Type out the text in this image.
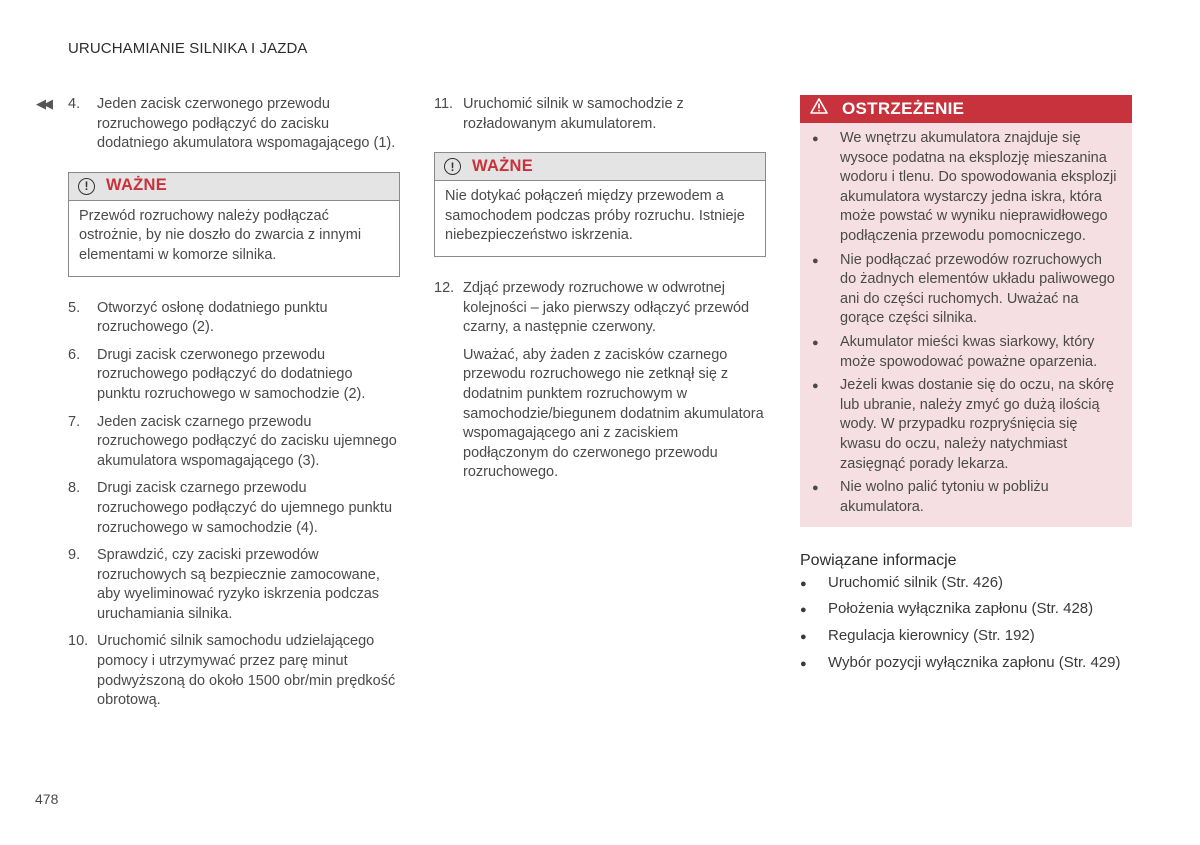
URUCHAMIANIE SILNIKA I JAZDA
◀◀ 4.	Jeden zacisk czerwonego przewodu rozruchowego podłączyć do zacisku dodatniego akumulatora wspomagającego (1).
!	WAŻNE
Przewód rozruchowy należy podłączać ostrożnie, by nie doszło do zwarcia z innymi elementami w komorze silnika.
5.	Otworzyć osłonę dodatniego punktu rozruchowego (2).
6.	Drugi zacisk czerwonego przewodu rozruchowego podłączyć do dodatniego punktu rozruchowego w samochodzie (2).
7.	Jeden zacisk czarnego przewodu rozruchowego podłączyć do zacisku ujemnego akumulatora wspomagającego (3).
8.	Drugi zacisk czarnego przewodu rozruchowego podłączyć do ujemnego punktu rozruchowego w samochodzie (4).
9.	Sprawdzić, czy zaciski przewodów rozruchowych są bezpiecznie zamocowane, aby wyeliminować ryzyko iskrzenia podczas uruchamiania silnika.
10. Uruchomić silnik samochodu udzielającego pomocy i utrzymywać przez parę minut podwyższoną do około 1500 obr/min prędkość obrotową.
11. Uruchomić silnik w samochodzie z rozładowanym akumulatorem.
!	WAŻNE
Nie dotykać połączeń między przewodem a samochodem podczas próby rozruchu. Istnieje niebezpieczeństwo iskrzenia.
12. Zdjąć przewody rozruchowe w odwrotnej kolejności – jako pierwszy odłączyć przewód czarny, a następnie czerwony.
Uważać, aby żaden z zacisków czarnego przewodu rozruchowego nie zetknął się z dodatnim punktem rozruchowym w samochodzie/biegunem dodatnim akumulatora wspomagającego ani z zaciskiem podłączonym do czerwonego przewodu rozruchowego.
OSTRZEŻENIE
●	We wnętrzu akumulatora znajduje się wysoce podatna na eksplozję mieszanina wodoru i tlenu. Do spowodowania eksplozji akumulatora wystarczy jedna iskra, która może powstać w wyniku nieprawidłowego podłączenia przewodu pomocniczego.
●	Nie podłączać przewodów rozruchowych do żadnych elementów układu paliwowego ani do części ruchomych. Uważać na gorące części silnika.
●	Akumulator mieści kwas siarkowy, który może spowodować poważne oparzenia.
●	Jeżeli kwas dostanie się do oczu, na skórę lub ubranie, należy zmyć go dużą ilością wody. W przypadku rozpryśnięcia się kwasu do oczu, należy natychmiast zasięgnąć porady lekarza.
●	Nie wolno palić tytoniu w pobliżu akumulatora.
Powiązane informacje
●	Uruchomić silnik (Str. 426)
●	Położenia wyłącznika zapłonu (Str. 428)
●	Regulacja kierownicy (Str. 192)
●	Wybór pozycji wyłącznika zapłonu (Str. 429)
478
